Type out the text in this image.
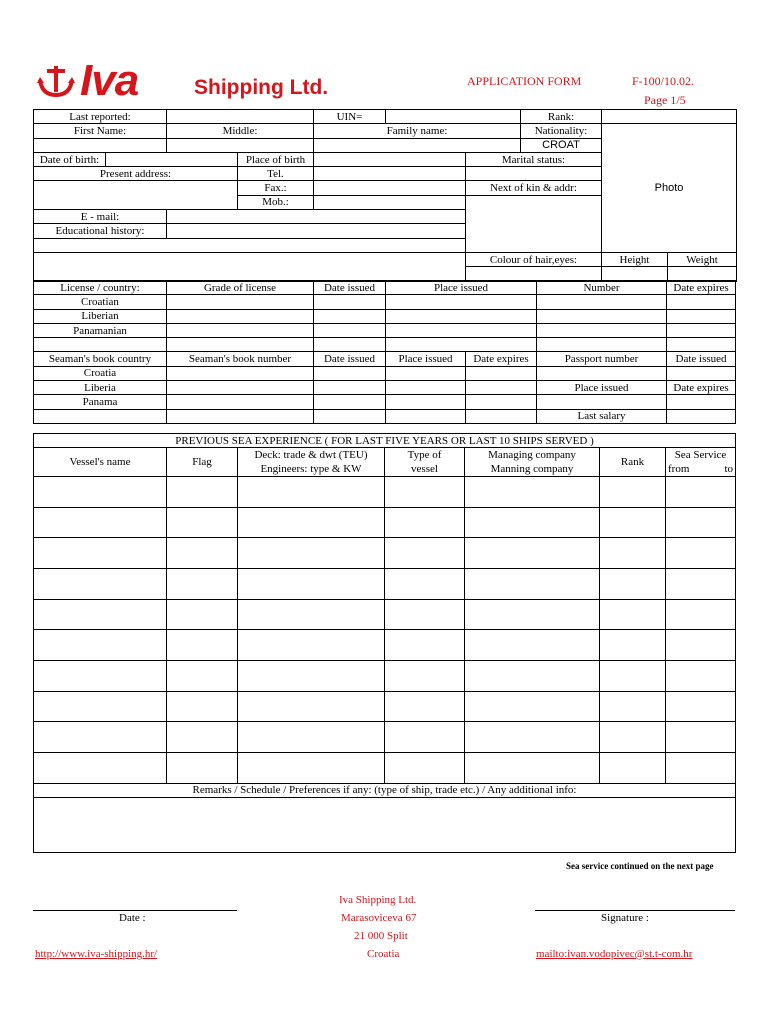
Iva	Shipping Ltd.	APPLICATION FORM	F-100/10.02.
Page 1/5
Last reported:				UIN=			Rank:		
First Name:		Middle:		Family name:			Nationality:	Photo	
							CROAT		
Date of birth:			Place of birth			Marital status:			
Present address:			Tel.						
			Fax.:			Next of kin & addr:			
			Mob.:						
E - mail:									
Educational history:									

						Colour of hair,eyes:		Height	Weight

License / country:	Grade of license	Date issued	Place issued		Number	Date expires
Croatian						
Liberian						
Panamanian						

Seaman's book country	Seaman's book number	Date issued	Place issued	Date expires	Passport number	Date issued
Croatia						
Liberia					Place issued	Date expires
Panama						
					Last salary	
PREVIOUS SEA EXPERIENCE ( FOR LAST FIVE YEARS OR LAST 10 SHIPS SERVED )							
Vessel's name	Flag	Deck: trade & dwt (TEU)	Type of	Managing company	Rank	Sea Service	
		Engineers: type & KW	vessel	Manning company		from	to

Remarks / Schedule / Preferences if any: (type of ship, trade etc.) / Any additional info:							

Sea service continued on the next page
Date :	Signature :
Iva Shipping Ltd.
Marasoviceva 67
21 000 Split
Croatia
http://www.iva-shipping.hr/	mailto:ivan.vodopivec@st.t-com.hr
